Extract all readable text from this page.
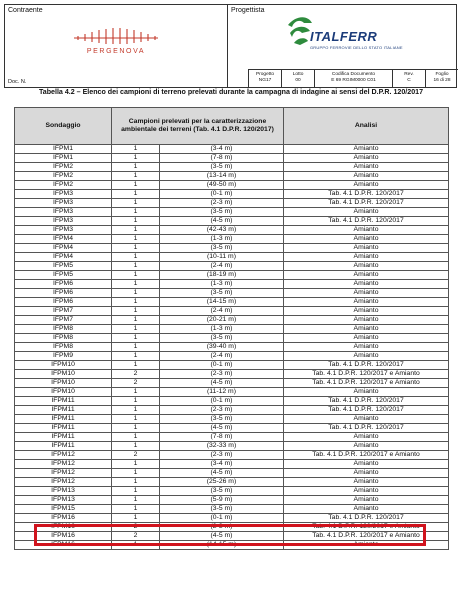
Contraente
PERGENOVA
Doc. N.
Progettista
ITALFERR
GRUPPO FERROVIE DELLO STATO ITALIANE
Progetto
NG17
Lotto
00
Codifica Documento
E 69 RGIM0000 C01
Rev.
C
Foglio
16 di 28
Tabella 4.2 – Elenco dei campioni di terreno prelevati durante la campagna di indagine ai sensi del D.P.R. 120/2017
Sondaggio	Campioni prelevati per la caratterizzazione ambientale dei terreni (Tab. 4.1 D.P.R. 120/2017)		Analisi
IFPM1	1	(3-4 m)	Amianto
IFPM1	1	(7-8 m)	Amianto
IFPM2	1	(3-5 m)	Amianto
IFPM2	1	(13-14 m)	Amianto
IFPM2	1	(49-50 m)	Amianto
IFPM3	1	(0-1 m)	Tab. 4.1 D.P.R. 120/2017
IFPM3	1	(2-3 m)	Tab. 4.1 D.P.R. 120/2017
IFPM3	1	(3-5 m)	Amianto
IFPM3	1	(4-5 m)	Tab. 4.1 D.P.R. 120/2017
IFPM3	1	(42-43 m)	Amianto
IFPM4	1	(1-3 m)	Amianto
IFPM4	1	(3-5 m)	Amianto
IFPM4	1	(10-11 m)	Amianto
IFPM5	1	(2-4 m)	Amianto
IFPM5	1	(18-19 m)	Amianto
IFPM6	1	(1-3 m)	Amianto
IFPM6	1	(3-5 m)	Amianto
IFPM6	1	(14-15 m)	Amianto
IFPM7	1	(2-4 m)	Amianto
IFPM7	1	(20-21 m)	Amianto
IFPM8	1	(1-3 m)	Amianto
IFPM8	1	(3-5 m)	Amianto
IFPM8	1	(39-40 m)	Amianto
IFPM9	1	(2-4 m)	Amianto
IFPM10	1	(0-1 m)	Tab. 4.1 D.P.R. 120/2017
IFPM10	2	(2-3 m)	Tab. 4.1 D.P.R. 120/2017 e Amianto
IFPM10	2	(4-5 m)	Tab. 4.1 D.P.R. 120/2017 e Amianto
IFPM10	1	(11-12 m)	Amianto
IFPM11	1	(0-1 m)	Tab. 4.1 D.P.R. 120/2017
IFPM11	1	(2-3 m)	Tab. 4.1 D.P.R. 120/2017
IFPM11	1	(3-5 m)	Amianto
IFPM11	1	(4-5 m)	Tab. 4.1 D.P.R. 120/2017
IFPM11	1	(7-8 m)	Amianto
IFPM11	1	(32-33 m)	Amianto
IFPM12	2	(2-3 m)	Tab. 4.1 D.P.R. 120/2017 e Amianto
IFPM12	1	(3-4 m)	Amianto
IFPM12	1	(4-5 m)	Amianto
IFPM12	1	(25-26 m)	Amianto
IFPM13	1	(3-5 m)	Amianto
IFPM13	1	(5-9 m)	Amianto
IFPM15	1	(3-5 m)	Amianto
IFPM16	1	(0-1 m)	Tab. 4.1 D.P.R. 120/2017
IFPM16	2	(2-3 m)	Tab. 4.1 D.P.R. 120/2017 e Amianto
IFPM16	2	(4-5 m)	Tab. 4.1 D.P.R. 120/2017 e Amianto
IFPM16	1	(14-15 m)	Amianto
